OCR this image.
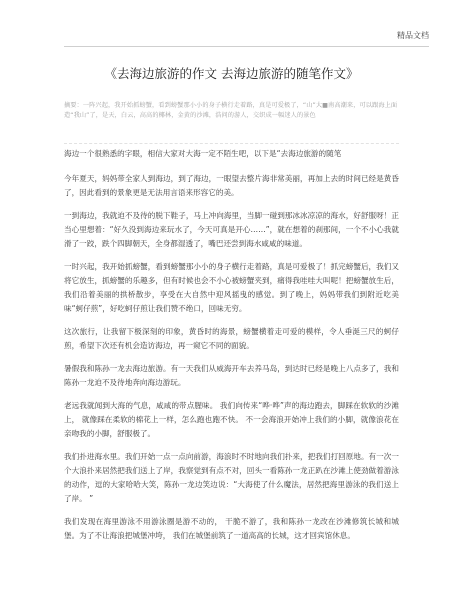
精品文档
《去海边旅游的作文 去海边旅游的随笔作文》
摘要：一阵兴起，我开始抓螃蟹，看到螃蟹那小小的身子横行走着路，真是可爱极了，“山”大■南高潮来，可以跟海上面造“我山”了，是天，白云，高高的椰林，金黄的沙滩，浩问的游人，交织成一幅迷人的景色

海边一个很熟悉的字眼，相信大家对大海一定不陌生吧，以下是“去海边旅游的随笔

今年夏天，妈妈带全家人到海边，到了海边，一眼望去整片海非常美丽，再加上去的时间已经是黄昏了，因此看到的景象更是无法用言语来形容它的美。

一到海边，我就迫不及待的脱下鞋子，马上冲向海里，当脚一碰到那冰冰凉凉的海水，好舒服呀！正当心里想着：“好久没到海边来玩水了，今天可真是开心……”，就在想着的刹那间，一个不小心我就滑了一跤，跌个四脚朝天，全身都湿透了，嘴巴还尝到海水咸咸的味道。

一时兴起，我开始抓螃蟹，看到螃蟹那小小的身子横行走着路，真是可爱极了！抓完螃蟹后，我们又将它放生，抓螃蟹的乐趣多，但有时候也会不小心被螃蟹夹到，痛得我哇哇大叫呢！把螃蟹放生后，我们沿着美丽的拱桥散步，享受在大自然中迎风摇曳的感觉。到了晚上，妈妈带我们到附近吃美味“蚵仔煎”，好吃蚵仔煎让我们赞不绝口，回味无穷。

这次旅行，让我留下极深刻的印象，黄昏时的海景，螃蟹横着走可爱的模样，令人垂涎三尺的蚵仔煎，希望下次还有机会造访海边，再一窥它不同的面貌。

暑假我和陈孙一龙去海边旅游。有一天我们从威海开车去养马岛，到达时已经是晚上八点多了，我和陈孙一龙迫不及待地奔向海边游玩。

老远我就闻到大海的气息，咸咸的带点腥味。 我们向传来“哗·哗”声的海边跑去，脚踩在软软的沙滩上， 就像踩在柔软的棉花上一样，怎么跑也跑不快。 不一会海浪开始冲上我们的小脚，就像浪花在亲吻我的小脚，舒服极了。

我们扑进海水里。我们开始一点一点向前游，海浪时不时地向我们扑来，把我们打回原地。有一次一个大浪扑来居然把我们送上了岸，我察觉到有点不对，回头一看陈孙一龙正趴在沙滩上使劲做着游泳的动作，逗的大家哈哈大笑，陈孙一龙边笑边说：“大海使了什么魔法，居然把海里游泳的我们送上了岸。 ”

我们发现在海里游泳不用游泳圈是游不动的， 干脆不游了，我和陈孙一龙改在沙滩修筑长城和城堡。为了不让海浪把城堡冲垮， 我们在城堡前筑了一道高高的长城，这才回宾馆休息。
